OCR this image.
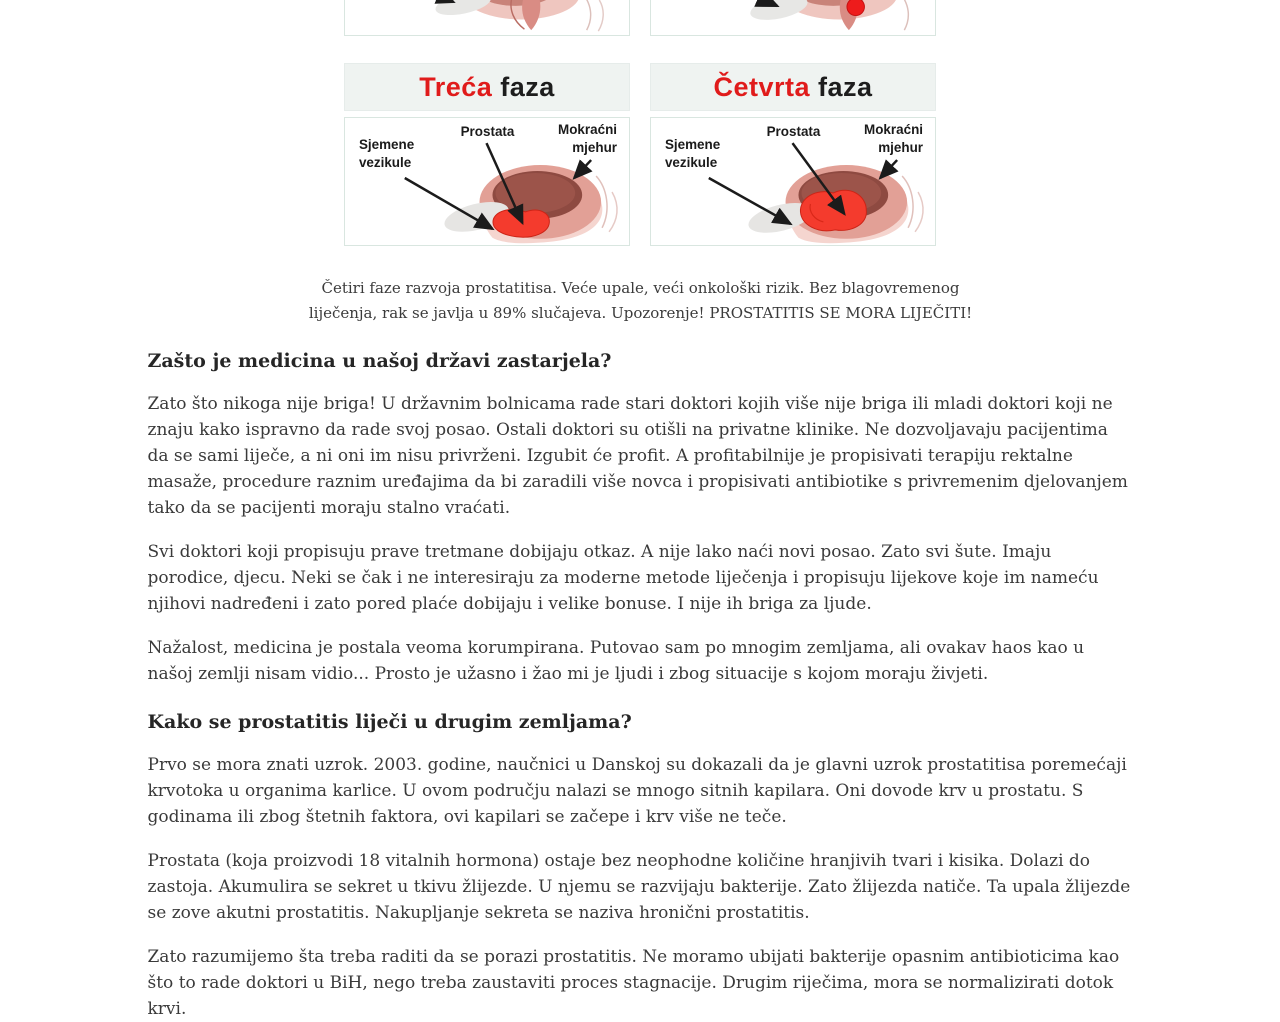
Treća faza	Četvrta faza
Sjemene
vezikule
Prostata	Mokraćni
mjehur	Sjemene
vezikule
Prostata	Mokraćni
mjehur
Četiri faze razvoja prostatitisa. Veće upale, veći onkološki rizik. Bez blagovremenog
liječenja, rak se javlja u 89% slučajeva. Upozorenje! PROSTATITIS SE MORA LIJEČITI!
Zašto je medicina u našoj državi zastarjela?

Zato što nikoga nije briga! U državnim bolnicama rade stari doktori kojih više nije briga ili mladi doktori koji ne znaju kako ispravno da rade svoj posao. Ostali doktori su otišli na privatne klinike. Ne dozvoljavaju pacijentima da se sami liječe, a ni oni im nisu privrženi. Izgubit će profit. A profitabilnije je propisivati terapiju rektalne masaže, procedure raznim uređajima da bi zaradili više novca i propisivati antibiotike s privremenim djelovanjem tako da se pacijenti moraju stalno vraćati.

Svi doktori koji propisuju prave tretmane dobijaju otkaz. A nije lako naći novi posao. Zato svi šute. Imaju porodice, djecu. Neki se čak i ne interesiraju za moderne metode liječenja i propisuju lijekove koje im nameću njihovi nadređeni i zato pored plaće dobijaju i velike bonuse. I nije ih briga za ljude.

Nažalost, medicina je postala veoma korumpirana. Putovao sam po mnogim zemljama, ali ovakav haos kao u našoj zemlji nisam vidio... Prosto je užasno i žao mi je ljudi i zbog situacije s kojom moraju živjeti.

Kako se prostatitis liječi u drugim zemljama?

Prvo se mora znati uzrok. 2003. godine, naučnici u Danskoj su dokazali da je glavni uzrok prostatitisa poremećaji krvotoka u organima karlice. U ovom području nalazi se mnogo sitnih kapilara. Oni dovode krv u prostatu. S godinama ili zbog štetnih faktora, ovi kapilari se začepe i krv više ne teče.

Prostata (koja proizvodi 18 vitalnih hormona) ostaje bez neophodne količine hranjivih tvari i kisika. Dolazi do zastoja. Akumulira se sekret u tkivu žlijezde. U njemu se razvijaju bakterije. Zato žlijezda natiče. Ta upala žlijezde se zove akutni prostatitis. Nakupljanje sekreta se naziva hronični prostatitis.

Zato razumijemo šta treba raditi da se porazi prostatitis. Ne moramo ubijati bakterije opasnim antibioticima kao što to rade doktori u BiH, nego treba zaustaviti proces stagnacije. Drugim riječima, mora se normalizirati dotok krvi.
